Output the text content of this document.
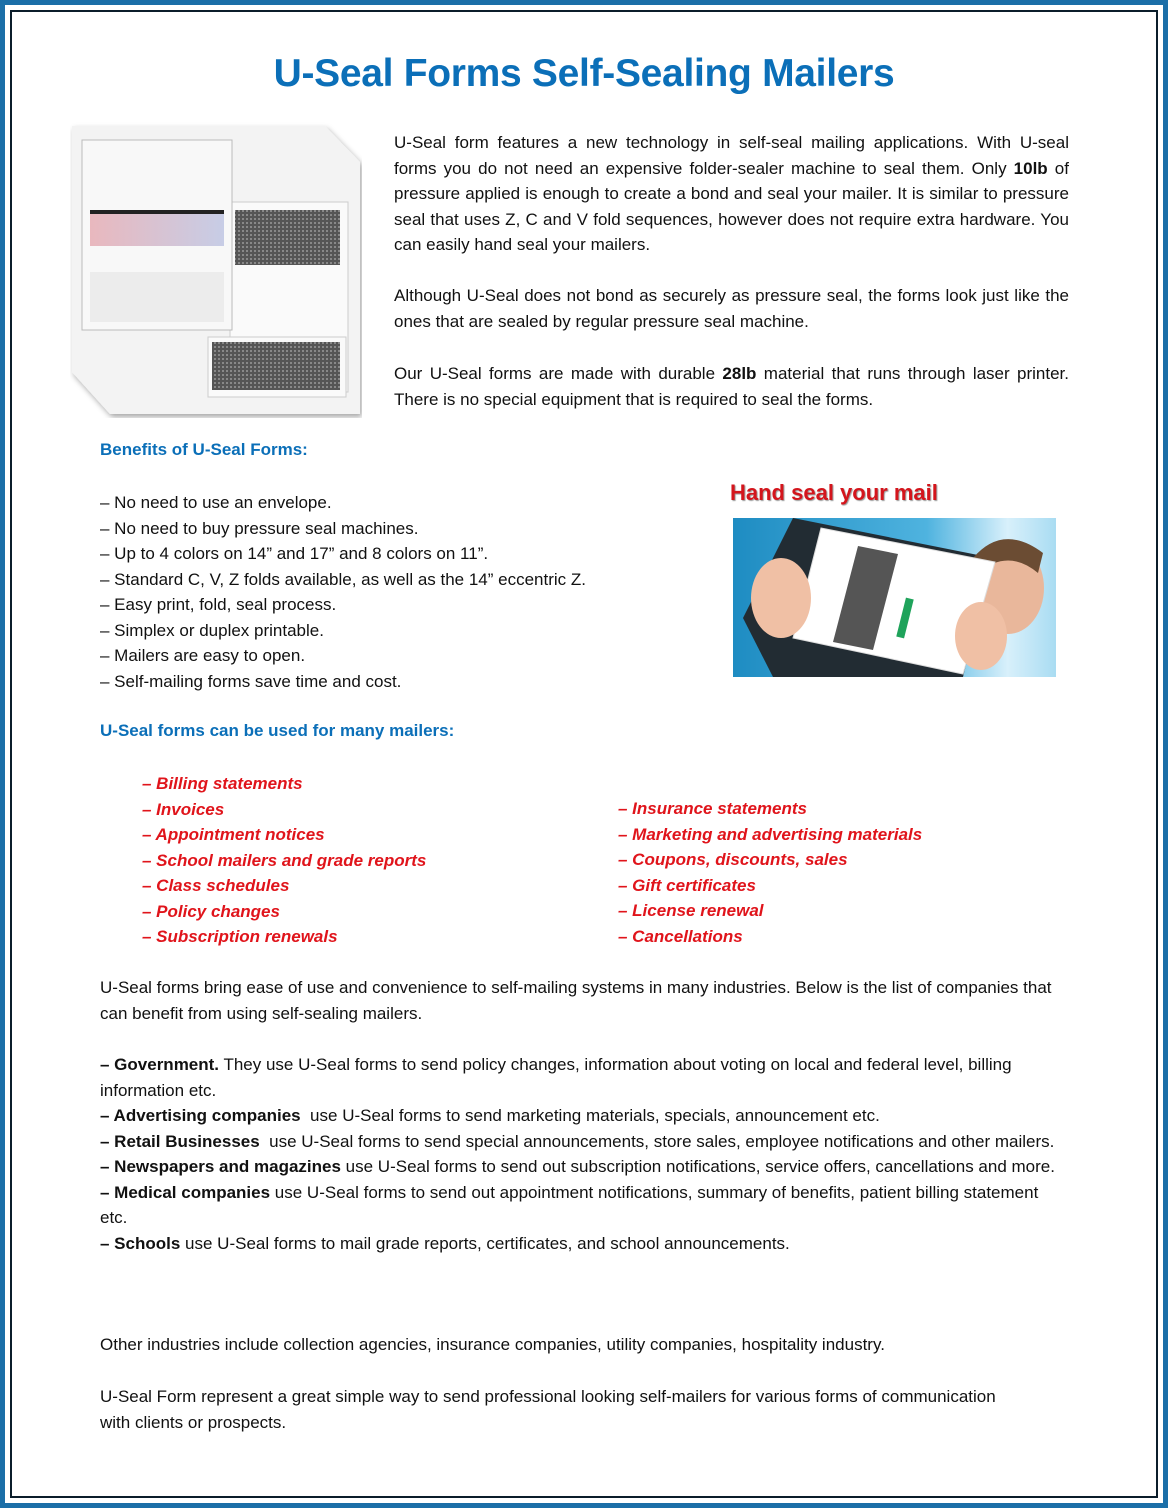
U-Seal Forms Self-Sealing Mailers
U-Seal form features a new technology in self-seal mailing applications. With U-seal forms you do not need an expensive folder-sealer machine to seal them. Only 10lb of pressure applied is enough to create a bond and seal your mailer. It is similar to pressure seal that uses Z, C and V fold sequences, however does not require extra hardware. You can easily hand seal your mailers.
Although U-Seal does not bond as securely as pressure seal, the forms look just like the ones that are sealed by regular pressure seal machine.
Our U-Seal forms are made with durable 28lb material that runs through laser printer. There is no special equipment that is required to seal the forms.
Benefits of U-Seal Forms:
– No need to use an envelope.
– No need to buy pressure seal machines.
– Up to 4 colors on 14” and 17” and 8 colors on 11”.
– Standard C, V, Z folds available, as well as the 14” eccentric Z.
– Easy print, fold, seal process.
– Simplex or duplex printable.
– Mailers are easy to open.
– Self-mailing forms save time and cost.
Hand seal your mail
U-Seal forms can be used for many mailers:
– Billing statements
– Invoices
– Appointment notices
– School mailers and grade reports
– Class schedules
– Policy changes
– Subscription renewals
– Insurance statements
– Marketing and advertising materials
– Coupons, discounts, sales
– Gift certificates
– License renewal
– Cancellations
U-Seal forms bring ease of use and convenience to self-mailing systems in many industries. Below is the list of companies that can benefit from using self-sealing mailers.
– Government. They use U-Seal forms to send policy changes, information about voting on local and federal level, billing information etc.
– Advertising companies  use U-Seal forms to send marketing materials, specials, announcement etc.
– Retail Businesses  use U-Seal forms to send special announcements, store sales, employee notifications and other mailers.
– Newspapers and magazines use U-Seal forms to send out subscription notifications, service offers, cancellations and more.
– Medical companies use U-Seal forms to send out appointment notifications, summary of benefits, patient billing statement etc.
– Schools use U-Seal forms to mail grade reports, certificates, and school announcements.
Other industries include collection agencies, insurance companies, utility companies, hospitality industry.
U-Seal Form represent a great simple way to send professional looking self-mailers for various forms of communication with clients or prospects.
